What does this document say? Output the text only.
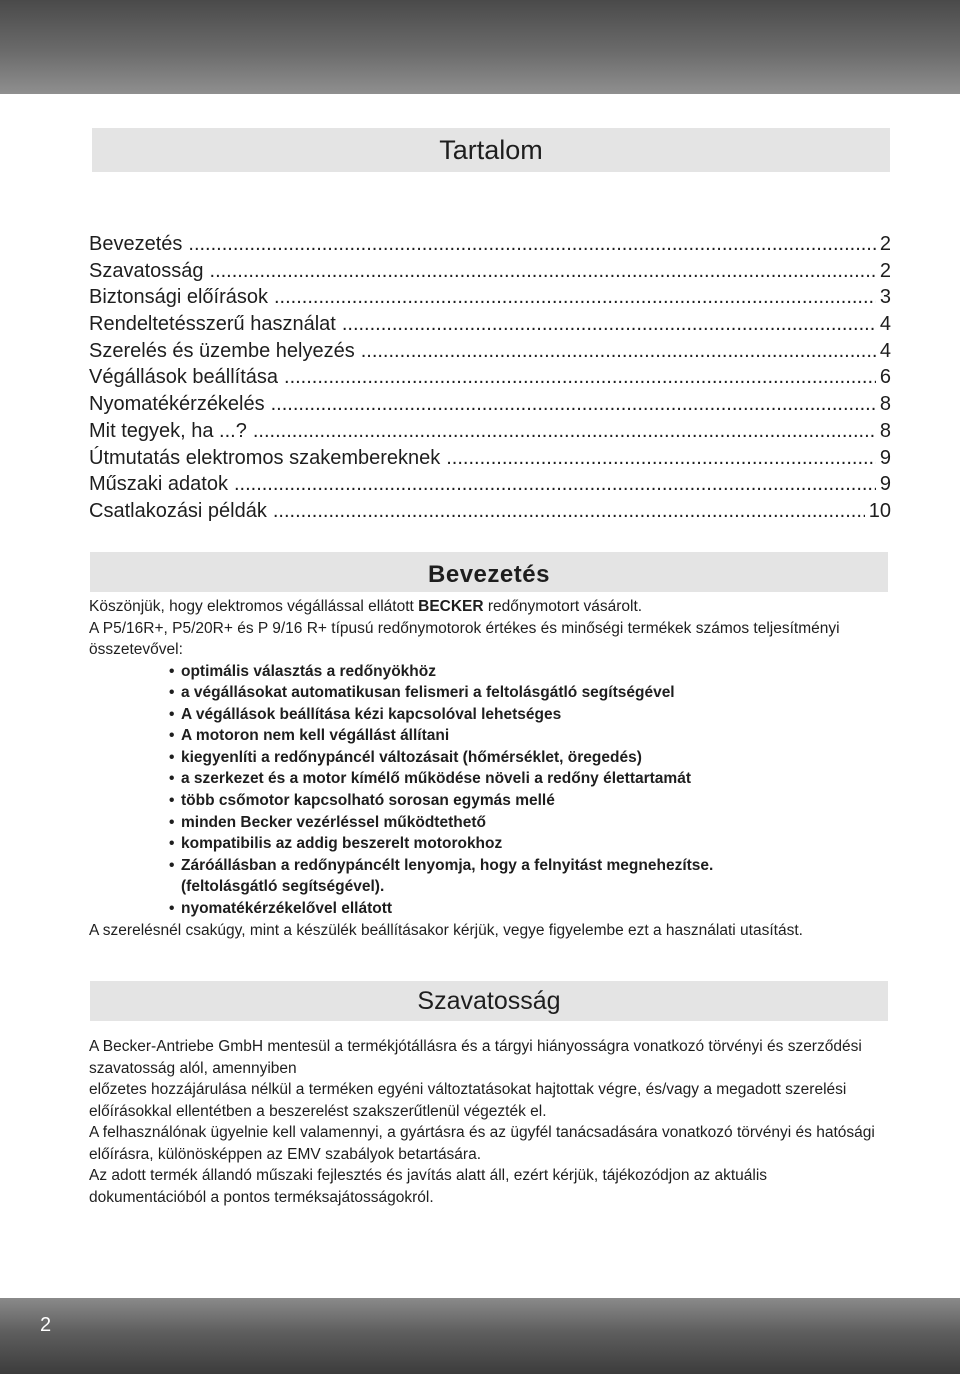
Tartalom
Bevezetés .....	2
Szavatosság .....	2
Biztonsági előírások .....	3
Rendeltetésszerű használat .....	4
Szerelés és üzembe helyezés .....	4
Végállások beállítása .....	6
Nyomatékérzékelés .....	8
Mit tegyek, ha ...? .....	8
Útmutatás elektromos szakembereknek .....	9
Műszaki adatok .....	9
Csatlakozási példák .....	10
Bevezetés

Köszönjük, hogy elektromos végállással ellátott BECKER redőnymotort vásárolt.

A P5/16R+, P5/20R+ és P 9/16 R+ típusú redőnymotorok értékes és minőségi termékek számos teljesítményi összetevővel:

• optimális választás a redőnyökhöz
• a végállásokat automatikusan felismeri a feltolásgátló segítségével
• A végállások beállítása kézi kapcsolóval lehetséges
• A motoron nem kell végállást állítani
• kiegyenlíti a redőnypáncél változásait (hőmérséklet, öregedés)
• a szerkezet és a motor kímélő működése növeli a redőny élettartamát
• több csőmotor kapcsolható sorosan egymás mellé
• minden Becker vezérléssel működtethető
• kompatibilis az addig beszerelt motorokhoz
• Záróállásban a redőnypáncélt lenyomja, hogy a felnyitást megnehezítse.
(feltolásgátló segítségével).
• nyomatékérzékelővel ellátott

A szerelésnél csakúgy, mint a készülék beállításakor kérjük, vegye figyelembe ezt a használati utasítást.

Szavatosság

A Becker-Antriebe GmbH mentesül a termékjótállásra és a tárgyi hiányosságra vonatkozó törvényi és szerződési szavatosság alól, amennyiben

előzetes hozzájárulása nélkül a terméken egyéni változtatásokat hajtottak végre, és/vagy a megadott szerelési előírásokkal ellentétben a beszerelést szakszerűtlenül végezték el.

A felhasználónak ügyelnie kell valamennyi, a gyártásra és az ügyfél tanácsadására vonatkozó törvényi és hatósági előírásra, különösképpen az EMV szabályok betartására.

Az adott termék állandó műszaki fejlesztés és javítás alatt áll, ezért kérjük, tájékozódjon az aktuális dokumentációból a pontos terméksajátosságokról.

2
